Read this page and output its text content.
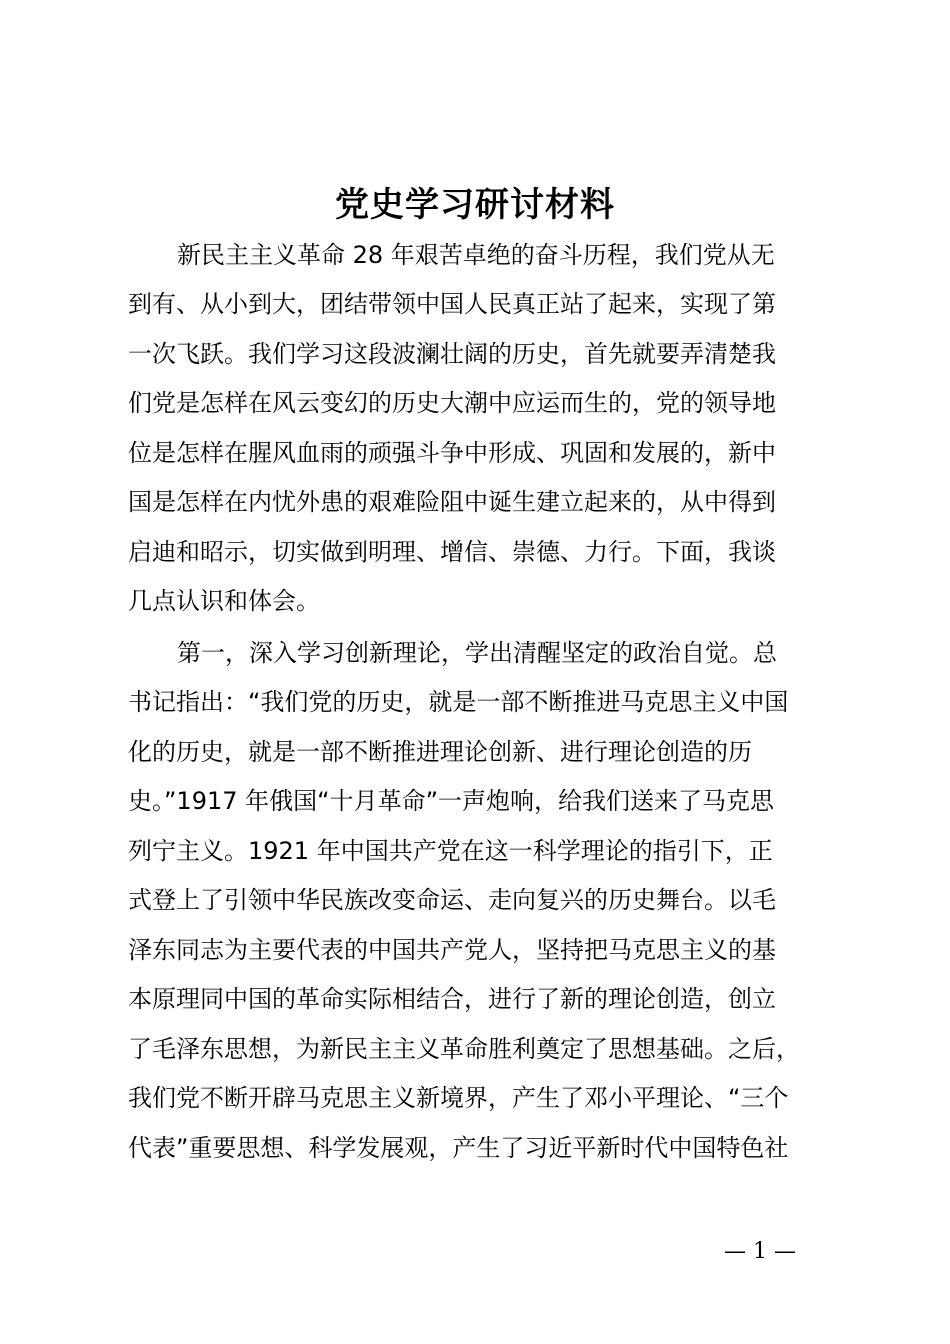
党史学习研讨材料
新民主主义革命 28 年艰苦卓绝的奋斗历程，我们党从无
到有、从小到大，团结带领中国人民真正站了起来，实现了第
一次飞跃。我们学习这段波澜壮阔的历史，首先就要弄清楚我
们党是怎样在风云变幻的历史大潮中应运而生的，党的领导地
位是怎样在腥风血雨的顽强斗争中形成、巩固和发展的，新中
国是怎样在内忧外患的艰难险阻中诞生建立起来的，从中得到
启迪和昭示，切实做到明理、增信、崇德、力行。下面，我谈
几点认识和体会。
第一，深入学习创新理论，学出清醒坚定的政治自觉。总
书记指出：“我们党的历史，就是一部不断推进马克思主义中国
化的历史，就是一部不断推进理论创新、进行理论创造的历
史。”1917 年俄国“十月革命”一声炮响，给我们送来了马克思
列宁主义。1921 年中国共产党在这一科学理论的指引下，正
式登上了引领中华民族改变命运、走向复兴的历史舞台。以毛
泽东同志为主要代表的中国共产党人，坚持把马克思主义的基
本原理同中国的革命实际相结合，进行了新的理论创造，创立
了毛泽东思想，为新民主主义革命胜利奠定了思想基础。之后，
我们党不断开辟马克思主义新境界，产生了邓小平理论、“三个
代表”重要思想、科学发展观，产生了习近平新时代中国特色社
— 1 —
